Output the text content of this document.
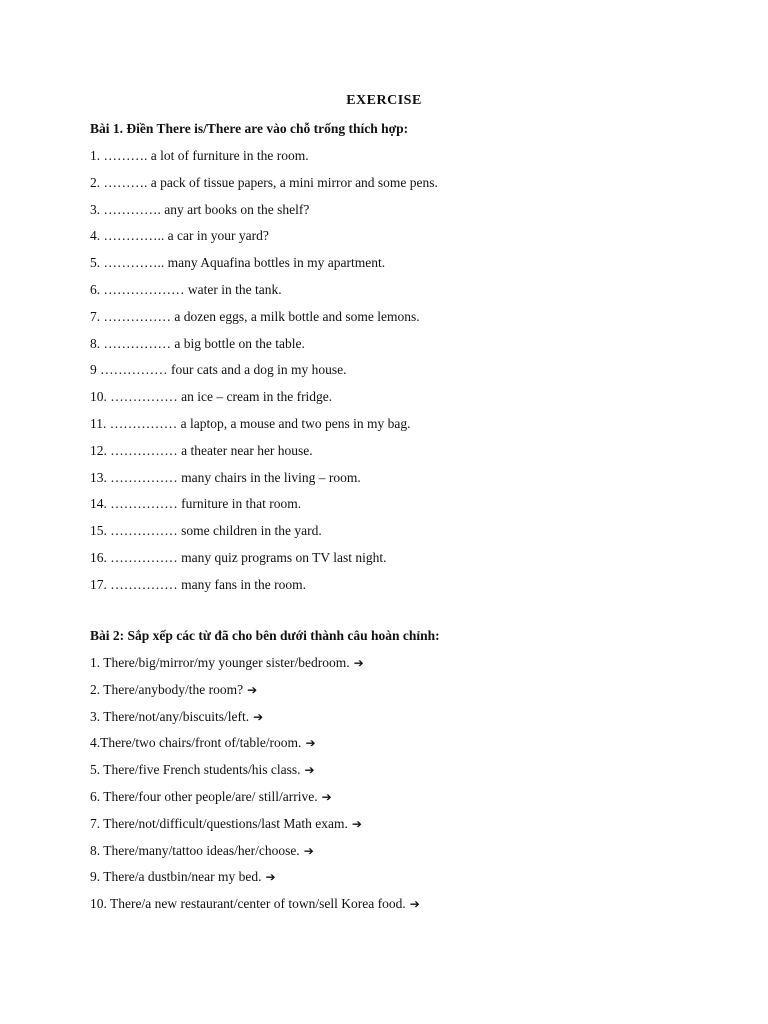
EXERCISE
Bài 1. Điền There is/There are vào chỗ trống thích hợp:
1. ………. a lot of furniture in the room.
2. ………. a pack of tissue papers, a mini mirror and some pens.
3. …………. any art books on the shelf?
4. ………….. a car in your yard?
5. ………….. many Aquafina bottles in my apartment.
6. ……………… water in the tank.
7. …………… a dozen eggs, a milk bottle and some lemons.
8. …………… a big bottle on the table.
9 …………… four cats and a dog in my house.
10. …………… an ice – cream in the fridge.
11. …………… a laptop, a mouse and two pens in my bag.
12. …………… a theater near her house.
13. …………… many chairs in the living – room.
14. …………… furniture in that room.
15. …………… some children in the yard.
16. …………… many quiz programs on TV last night.
17. …………… many fans in the room.
Bài 2: Sắp xếp các từ đã cho bên dưới thành câu hoàn chỉnh:
1. There/big/mirror/my younger sister/bedroom. ➔
2. There/anybody/the room? ➔
3. There/not/any/biscuits/left. ➔
4.There/two chairs/front of/table/room. ➔
5. There/five French students/his class. ➔
6. There/four other people/are/ still/arrive. ➔
7. There/not/difficult/questions/last Math exam. ➔
8. There/many/tattoo ideas/her/choose. ➔
9. There/a dustbin/near my bed. ➔
10. There/a new restaurant/center of town/sell Korea food. ➔
